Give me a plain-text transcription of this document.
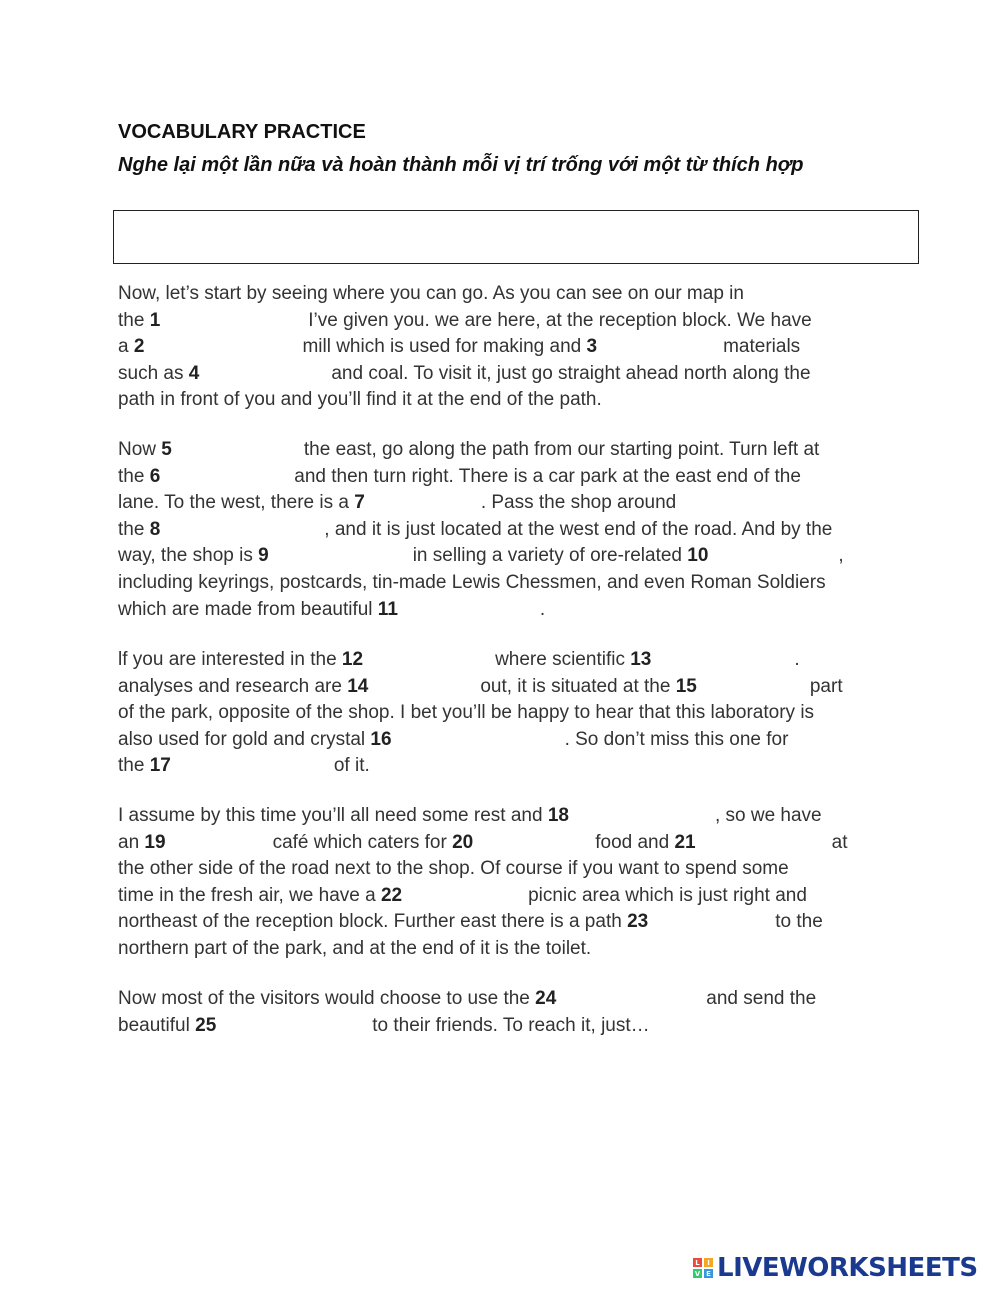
VOCABULARY PRACTICE
Nghe lại một lần nữa và hoàn thành mỗi vị trí trống với một từ thích hợp
Now, let’s start by seeing where you can go. As you can see on our map in
the 1	I’ve given you. we are here, at the reception block. We have
a 2	mill which is used for making and 3	materials
such as 4	and coal. To visit it, just go straight ahead north along the
path in front of you and you’ll find it at the end of the path.
Now 5	the east, go along the path from our starting point. Turn left at
the 6	and then turn right. There is a car park at the east end of the
lane. To the west, there is a 7	. Pass the shop around
the 8	, and it is just located at the west end of the road. And by the
way, the shop is 9	in selling a variety of ore-related 10	,
including keyrings, postcards, tin-made Lewis Chessmen, and even Roman Soldiers
which are made from beautiful 11	.
lf you are interested in the 12	where scientific 13	.
analyses and research are 14	out, it is situated at the 15	part
of the park, opposite of the shop. I bet you’ll be happy to hear that this laboratory is
also used for gold and crystal 16	. So don’t miss this one for
the 17	of it.
I assume by this time you’ll all need some rest and 18	, so we have
an 19	café which caters for 20	food and 21	at
the other side of the road next to the shop. Of course if you want to spend some
time in the fresh air, we have a 22	picnic area which is just right and
northeast of the reception block. Further east there is a path 23	to the
northern part of the park, and at the end of it is the toilet.
Now most of the visitors would choose to use the 24	and send the
beautiful 25	to their friends. To reach it, just…
L	I
V E LIVEWORKSHEETS
